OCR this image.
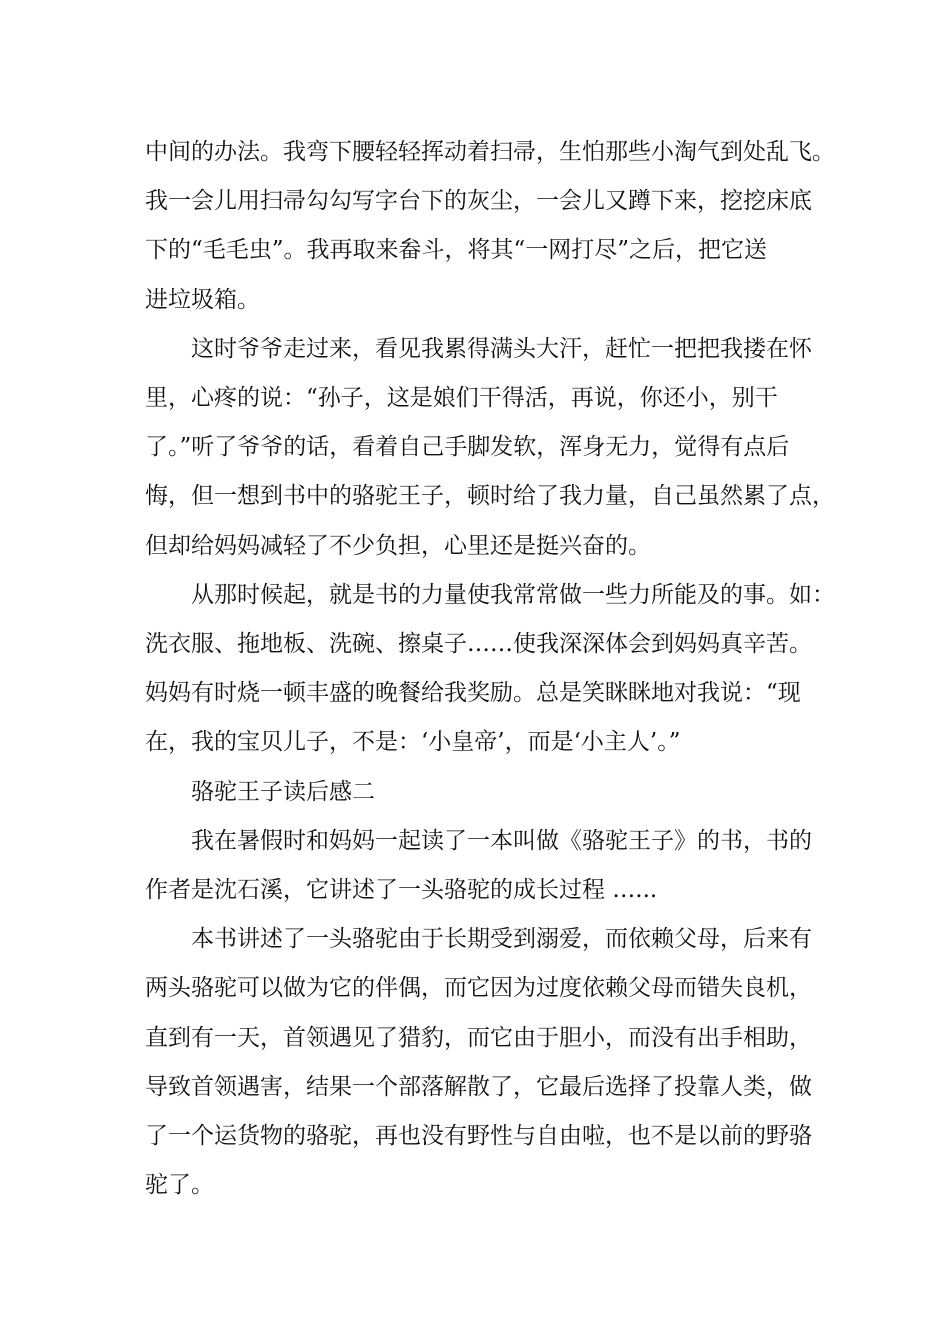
中间的办法。我弯下腰轻轻挥动着扫帚，生怕那些小淘气到处乱飞。
我一会儿用扫帚勾勾写字台下的灰尘，一会儿又蹲下来，挖挖床底
下的“毛毛虫”。我再取来畚斗，将其“一网打尽”之后，把它送
进垃圾箱。

这时爷爷走过来，看见我累得满头大汗，赶忙一把把我搂在怀
里，心疼的说：“孙子，这是娘们干得活，再说，你还小，别干
了。”听了爷爷的话，看着自己手脚发软，浑身无力，觉得有点后
悔，但一想到书中的骆驼王子，顿时给了我力量，自己虽然累了点，
但却给妈妈减轻了不少负担，心里还是挺兴奋的。

从那时候起，就是书的力量使我常常做一些力所能及的事。如：
洗衣服、拖地板、洗碗、擦桌子……使我深深体会到妈妈真辛苦。
妈妈有时烧一顿丰盛的晚餐给我奖励。总是笑眯眯地对我说：“现
在，我的宝贝儿子，不是：‘小皇帝’，而是‘小主人’。”

骆驼王子读后感二

我在暑假时和妈妈一起读了一本叫做《骆驼王子》的书，书的
作者是沈石溪，它讲述了一头骆驼的成长过程 …...

本书讲述了一头骆驼由于长期受到溺爱，而依赖父母，后来有
两头骆驼可以做为它的伴偶，而它因为过度依赖父母而错失良机，
直到有一天，首领遇见了猎豹，而它由于胆小，而没有出手相助，
导致首领遇害，结果一个部落解散了，它最后选择了投靠人类，做
了一个运货物的骆驼，再也没有野性与自由啦，也不是以前的野骆
驼了。
